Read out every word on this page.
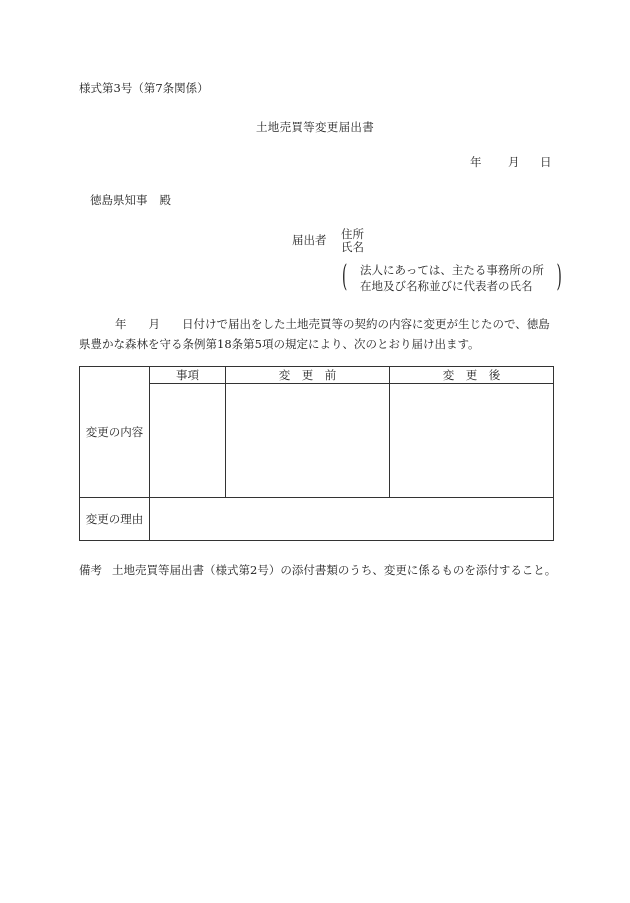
様式第3号（第7条関係）
土地売買等変更届出書
年 月 日
徳島県知事 殿
届出者 住所
氏名
(	法人にあっては、主たる事務所の所
在地及び名称並びに代表者の氏名 )
年 月 日付けで届出をした土地売買等の契約の内容に変更が生じたので、徳島県豊かな森林を守る条例第18条第5項の規定により、次のとおり届け出ます。
変更の内容	事項	変　更　前	変　更　後

変更の理由			
備考 土地売買等届出書（様式第2号）の添付書類のうち、変更に係るものを添付すること。
